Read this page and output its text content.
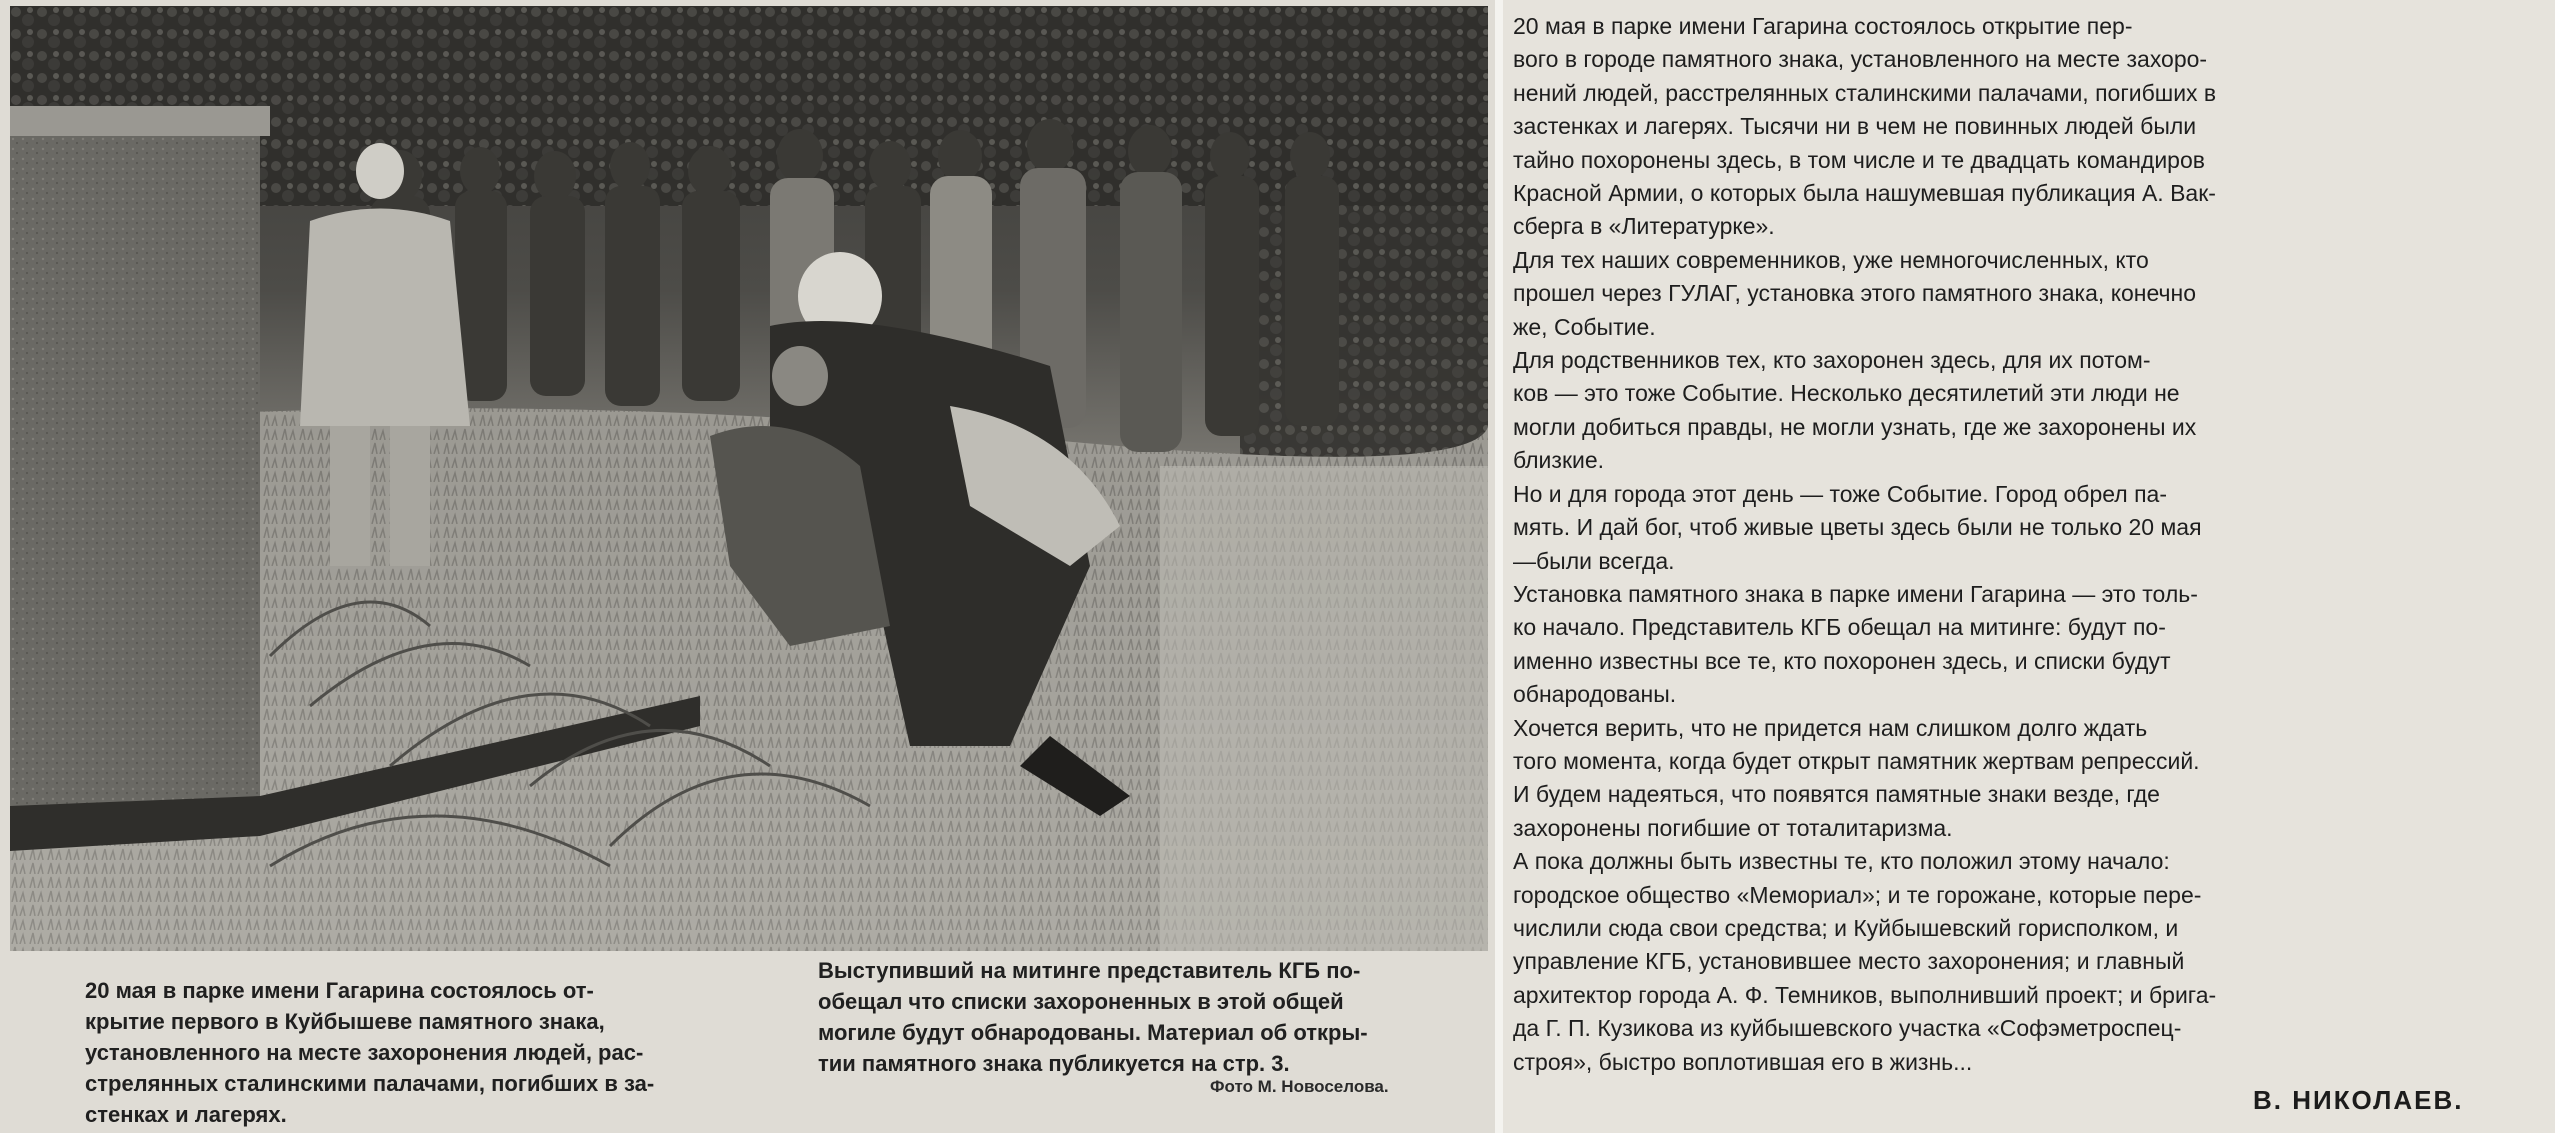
20 мая в парке имени Гагарина состоялось от-
крытие первого в Куйбышеве памятного знака,
установленного на месте захоронения людей, рас-
стрелянных сталинскими палачами, погибших в за-
стенках и лагерях.
Выступивший на митинге представитель КГБ по-
обещал что списки захороненных в этой общей
могиле будут обнародованы. Материал об откры-
тии памятного знака публикуется на стр. 3.
Фото М. Новоселова.

20 мая в парке имени Гагарина состоялось открытие пер-
вого в городе памятного знака, установленного на месте захоро-
нений людей, расстрелянных сталинскими палачами, погибших в
застенках и лагерях. Тысячи ни в чем не повинных людей были
тайно похоронены здесь, в том числе и те двадцать командиров
Красной Армии, о которых была нашумевшая публикация А. Вак-
сберга в «Литературке».

Для тех наших современников, уже немногочисленных, кто
прошел через ГУЛАГ, установка этого памятного знака, конечно
же, Событие.

Для родственников тех, кто захоронен здесь, для их потом-
ков — это тоже Событие. Несколько десятилетий эти люди не
могли добиться правды, не могли узнать, где же захоронены их
близкие.

Но и для города этот день — тоже Событие. Город обрел па-
мять. И дай бог, чтоб живые цветы здесь были не только 20 мая
—были всегда.

Установка памятного знака в парке имени Гагарина — это толь-
ко начало. Представитель КГБ обещал на митинге: будут по-
именно известны все те, кто похоронен здесь, и списки будут
обнародованы.

Хочется верить, что не придется нам слишком долго ждать
того момента, когда будет открыт памятник жертвам репрессий.

И будем надеяться, что появятся памятные знаки везде, где
захоронены погибшие от тоталитаризма.

А пока должны быть известны те, кто положил этому начало:
городское общество «Мемориал»; и те горожане, которые пере-
числили сюда свои средства; и Куйбышевский горисполком, и
управление КГБ, установившее место захоронения; и главный
архитектор города А. Ф. Темников, выполнивший проект; и брига-
да Г. П. Кузикова из куйбышевского участка «Софэметроспец-
строя», быстро воплотившая его в жизнь...

В. НИКОЛАЕВ.
